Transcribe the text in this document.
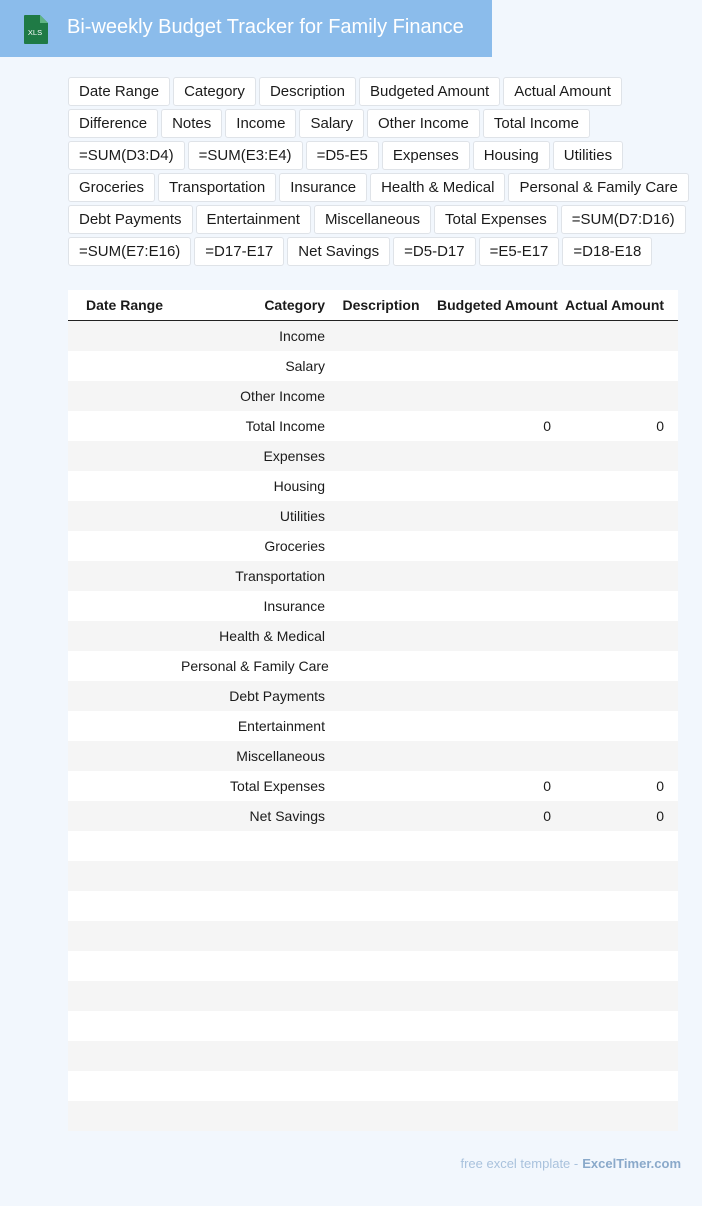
XLS Bi-weekly Budget Tracker for Family Finance
Date Range	Category	Description	Budgeted Amount	Actual Amount
Difference	Notes	Income	Salary	Other Income	Total Income
=SUM(D3:D4)	=SUM(E3:E4)	=D5-E5	Expenses	Housing	Utilities
Groceries	Transportation	Insurance	Health & Medical	Personal & Family Care
Debt Payments	Entertainment	Miscellaneous	Total Expenses	=SUM(D7:D16)
=SUM(E7:E16)	=D17-E17	Net Savings	=D5-D17	=E5-E17	=D18-E18
	Date Range	Category	Description	Budgeted Amount	Actual Amount

		Income			

		Salary			

		Other Income			

		Total Income		0	0

		Expenses			

		Housing			

		Utilities			

		Groceries			

		Transportation			

		Insurance			

		Health & Medical			

		Personal & Family Care			

		Debt Payments			

		Entertainment			

		Miscellaneous			

		Total Expenses		0	0

		Net Savings		0	0

free excel template - ExcelTimer.com
